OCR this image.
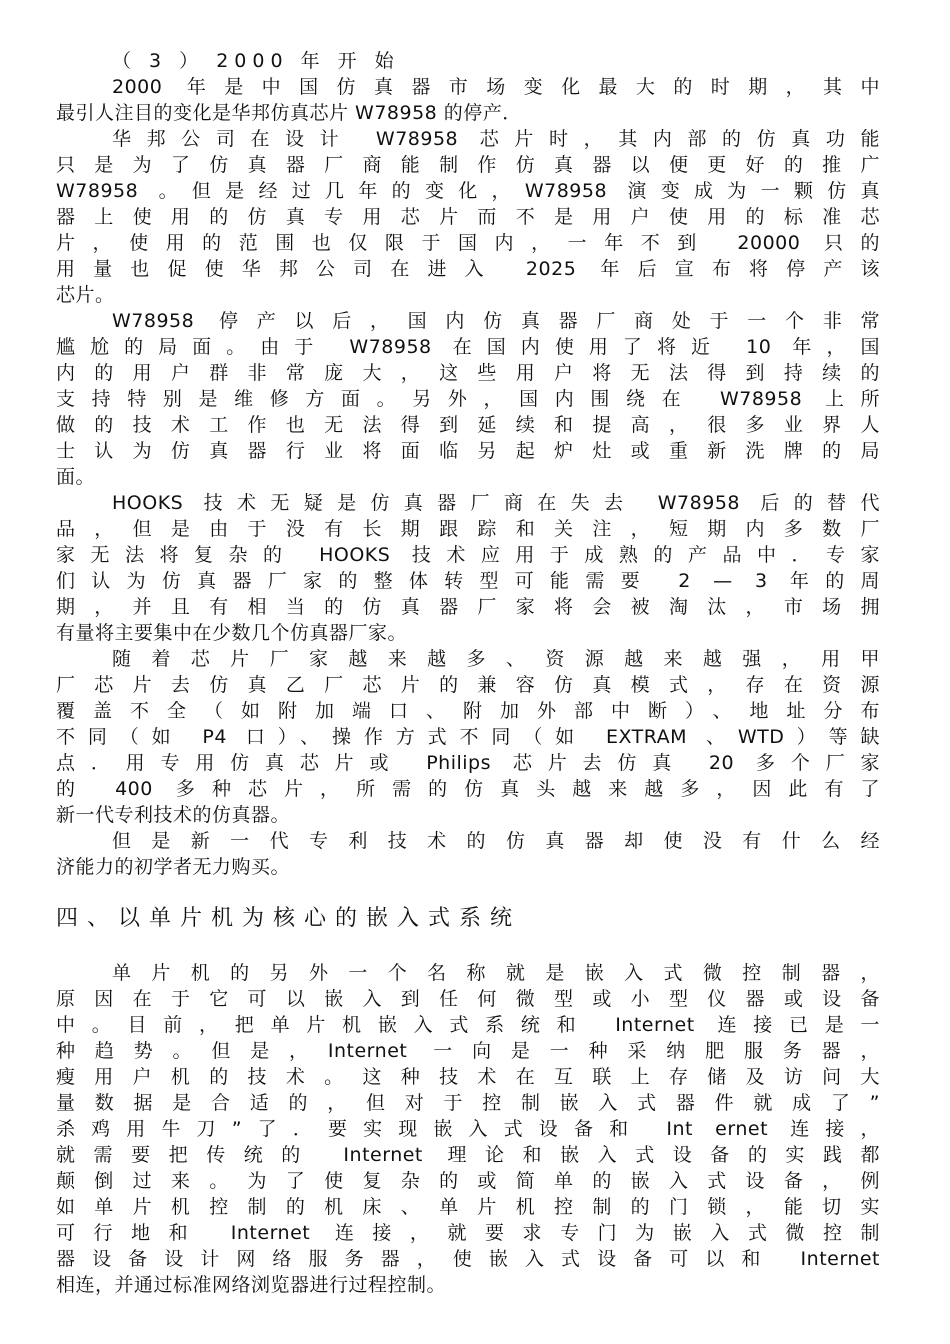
（ 3 ） 2000 年 开 始
2000 年是中国仿真器市场变化最大的时期，其中
最引人注目的变化是华邦仿真芯片 W78958 的停产．
华邦公司在设计 W78958 芯片时，其内部的仿真功能
只是为了仿真器厂商能制作仿真器以便更好的推广
W78958 。但是经过几年的变化，W78958 演变成为一颗仿真
器上使用的仿真专用芯片而不是用户使用的标准芯
片，使用的范围也仅限于国内，一年不到 20000 只的
用量也促使华邦公司在进入 2025 年后宣布将停产该
芯片。
W78958 停产以后，国内仿真器厂商处于一个非常
尴尬的局面。由于 W78958 在国内使用了将近 10 年，国
内的用户群非常庞大，这些用户将无法得到持续的
支持特别是维修方面。另外，国内围绕在 W78958 上所
做的技术工作也无法得到延续和提高，很多业界人
士认为仿真器行业将面临另起炉灶或重新洗牌的局
面。
HOOKS 技术无疑是仿真器厂商在失去 W78958 后的替代
品，但是由于没有长期跟踪和关注，短期内多数厂
家无法将复杂的 HOOKS 技术应用于成熟的产品中．专家
们认为仿真器厂家的整体转型可能需要 2 — 3 年的周
期，并且有相当的仿真器厂家将会被淘汰，市场拥
有量将主要集中在少数几个仿真器厂家。
随着芯片厂家越来越多、资源越来越强，用甲
厂芯片去仿真乙厂芯片的兼容仿真模式，存在资源
覆盖不全（如附加端口、附加外部中断）、地址分布
不同（如 P4 口）、操作方式不同（如 EXTRAM 、WTD）等缺
点．用专用仿真芯片或 Philips 芯片去仿真 20 多个厂家
的 400 多种芯片，所需的仿真头越来越多，因此有了
新一代专利技术的仿真器。
但是新一代专利技术的仿真器却使没有什么经
济能力的初学者无力购买。
四、以单片机为核心的嵌入式系统
单片机的另外一个名称就是嵌入式微控制器，
原因在于它可以嵌入到任何微型或小型仪器或设备
中。目前，把单片机嵌入式系统和 Internet 连接已是一
种趋势。但是，Internet 一向是一种采纳肥服务器，
瘦用户机的技术。这种技术在互联上存储及访问大
量数据是合适的，但对于控制嵌入式器件就成了”
杀鸡用牛刀”了．要实现嵌入式设备和 Int ernet 连接，
就需要把传统的 Internet 理论和嵌入式设备的实践都
颠倒过来。为了使复杂的或简单的嵌入式设备，例
如单片机控制的机床、单片机控制的门锁，能切实
可行地和 Internet 连接，就要求专门为嵌入式微控制
器设备设计网络服务器，使嵌入式设备可以和 Internet
相连，并通过标准网络浏览器进行过程控制。
